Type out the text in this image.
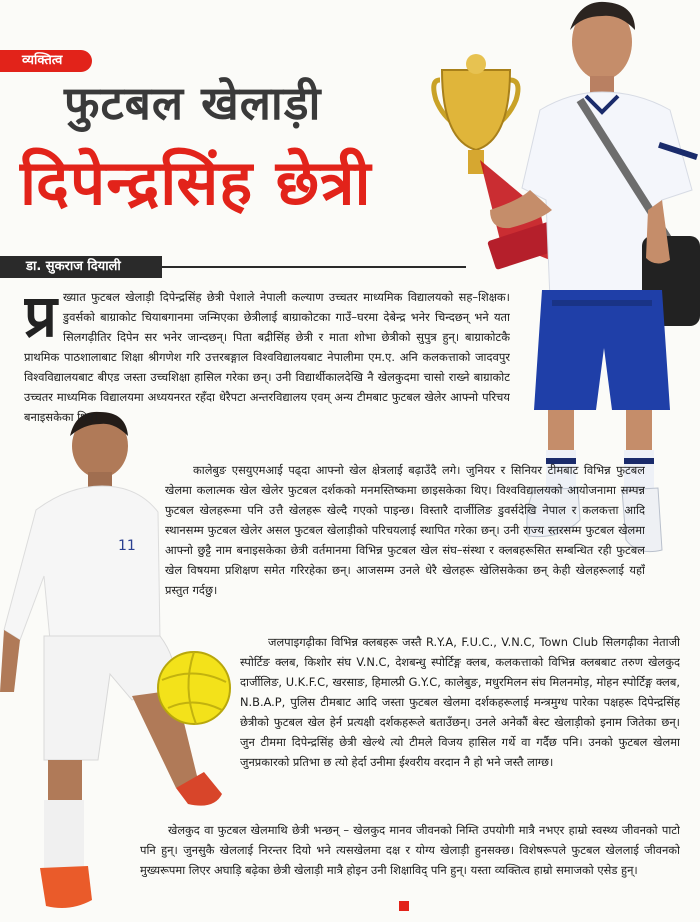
व्यक्तित्व
फुटबल खेलाड़ी
दिपेन्द्रसिंह छेत्री
डा. सुकराज दियाली
11
प्र ख्यात फुटबल खेलाड़ी दिपेन्द्रसिंह छेत्री पेशाले नेपाली कल्याण उच्चतर माध्यमिक विद्यालयको सह–शिक्षक। डुवर्सको बाग्राकोट चियाबगानमा जन्मिएका छेत्रीलाई बाग्राकोटका गाउँ–घरमा देबेन्द्र भनेर चिन्दछन् भने यता सिलगढ़ीतिर दिपेन सर भनेर जान्दछन्। पिता बद्रीसिंह छेत्री र माता शोभा छेत्रीको सुपुत्र हुन्। बाग्राकोटकै प्राथमिक पाठशालाबाट शिक्षा श्रीगणेश गरि उत्तरबङ्गाल विश्वविद्यालयबाट नेपालीमा एम.ए. अनि कलकत्ताको जादवपुर विश्वविद्यालयबाट बीएड जस्ता उच्चशिक्षा हासिल गरेका छन्। उनी विद्यार्थीकालदेखि नै खेलकुदमा चासो राख्ने बाग्राकोट उच्चतर माध्यमिक विद्यालयमा अध्ययनरत रहँदा धेरैपटा अन्तरविद्यालय एवम् अन्य टीमबाट फुटबल खेलेर आफ्नो परिचय बनाइसकेका थिए।
कालेबुङ एसयुएमआई पढ्दा आफ्नो खेल क्षेत्रलाई बढ़ाउँदै लगे। जुनियर र सिनियर टीमबाट विभिन्न फुटबल खेलमा कलात्मक खेल खेलेर फुटबल दर्शकको मनमस्तिष्कमा छाइसकेका थिए। विश्वविद्यालयको आयोजनामा सम्पन्न फुटबल खेलहरूमा पनि उत्तै खेलहरू खेल्दै गएको पाइन्छ। विस्तारै दार्जीलिङ डुवर्सदेखि नेपाल र कलकत्ता आदि स्थानसम्म फुटबल खेलेर असल फुटबल खेलाड़ीको परिचयलाई स्थापित गरेका छन्। उनी राज्य स्तरसम्म फुटबल खेलमा आफ्नो छुट्टै नाम बनाइसकेका छेत्री वर्तमानमा विभिन्न फुटबल खेल संघ–संस्था र क्लबहरूसित सम्बन्धित रही फुटबल खेल विषयमा प्रशिक्षण समेत गरिरहेका छन्। आजसम्म उनले धेरै खेलहरू खेलिसकेका छन् केही खेलहरूलाई यहाँ प्रस्तुत गर्दछु।
जलपाइगढ़ीका विभिन्न क्लबहरू जस्तै R.Y.A, F.U.C., V.N.C, Town Club सिलगढ़ीका नेताजी स्पोर्टिङ क्लब, किशोर संघ V.N.C, देशबन्धु स्पोर्टिङ्ग क्लब, कलकत्ताको विभिन्न क्लबबाट तरुण खेलकुद दार्जीलिङ, U.K.F.C, खरसाङ, हिमाल्प्री G.Y.C, कालेबुङ, मधुरमिलन संघ मिलनमोड़, मोहन स्पोर्टिङ्ग क्लब, N.B.A.P, पुलिस टीमबाट आदि जस्ता फुटबल खेलमा दर्शकहरूलाई मन्त्रमुग्ध पारेका पक्षहरू दिपेन्द्रसिंह छेत्रीको फुटबल खेल हेर्न प्रत्यक्षी दर्शकहरूले बताउँछन्। उनले अनेकौं बेस्ट खेलाड़ीको इनाम जितेका छन्। जुन टीममा दिपेन्द्रसिंह छेत्री खेल्थे त्यो टीमले विजय हासिल गर्थे वा गर्दैछ पनि। उनको फुटबल खेलमा जुनप्रकारको प्रतिभा छ त्यो हेर्दा उनीमा ईश्वरीय वरदान नै हो भने जस्तै लाग्छ।
खेलकुद वा फुटबल खेलमाथि छेत्री भन्छन् – खेलकुद मानव जीवनको निम्ति उपयोगी मात्रै नभएर हाम्रो स्वस्थ्य जीवनको पाटो पनि हुन्। जुनसुकै खेललाई निरन्तर दियो भने त्यसखेलमा दक्ष र योग्य खेलाड़ी हुनसक्छ। विशेषरूपले फुटबल खेललाई जीवनको मुख्यरूपमा लिएर अघाड़ि बढ़ेका छेत्री खेलाड़ी मात्रै होइन उनी शिक्षाविद् पनि हुन्। यस्ता व्यक्तित्व हाम्रो समाजको एसेड हुन्।
